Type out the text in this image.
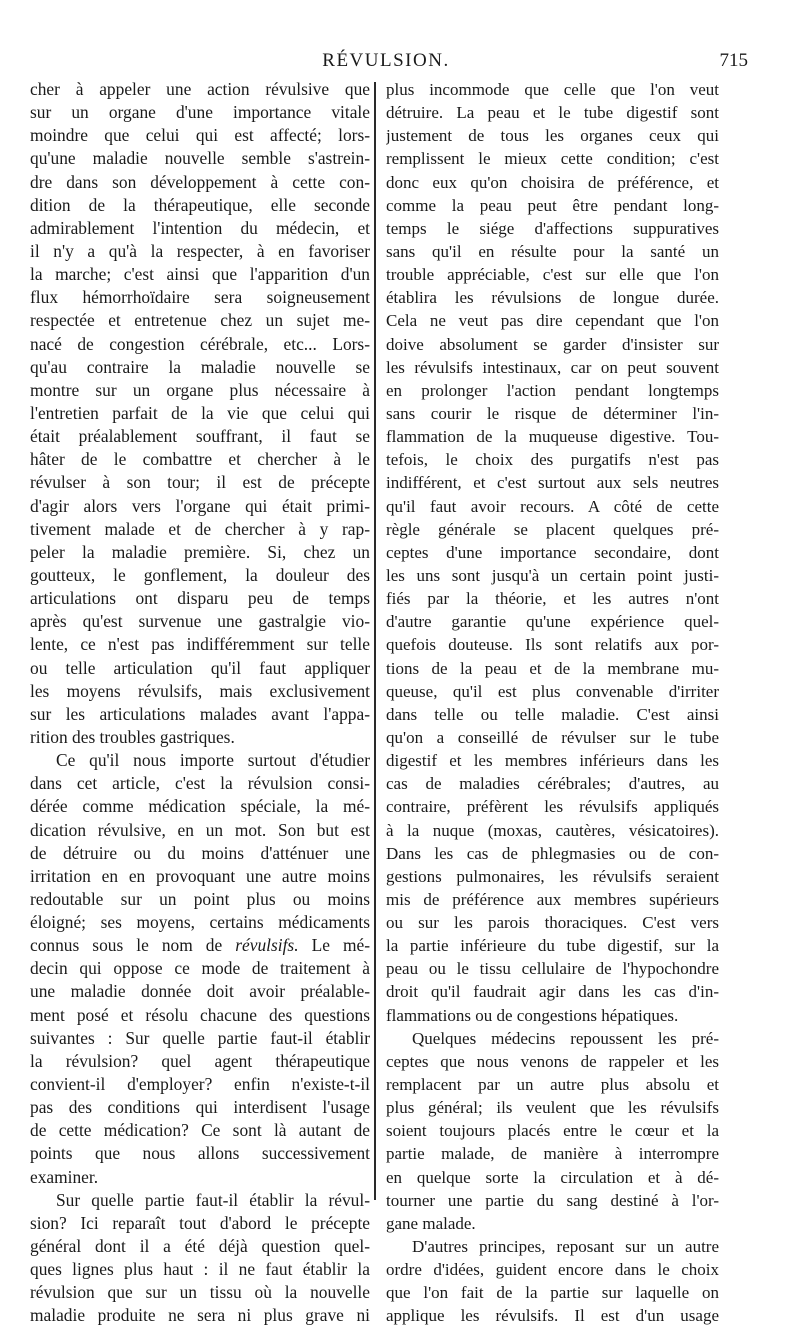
RÉVULSION.	715
cher à appeler une action révulsive que
sur un organe d'une importance vitale
moindre que celui qui est affecté; lors-
qu'une maladie nouvelle semble s'astrein-
dre dans son développement à cette con-
dition de la thérapeutique, elle seconde
admirablement l'intention du médecin, et
il n'y a qu'à la respecter, à en favoriser
la marche; c'est ainsi que l'apparition d'un
flux hémorrhoïdaire sera soigneusement
respectée et entretenue chez un sujet me-
nacé de congestion cérébrale, etc... Lors-
qu'au contraire la maladie nouvelle se
montre sur un organe plus nécessaire à
l'entretien parfait de la vie que celui qui
était préalablement souffrant, il faut se
hâter de le combattre et chercher à le
révulser à son tour; il est de précepte
d'agir alors vers l'organe qui était primi-
tivement malade et de chercher à y rap-
peler la maladie première. Si, chez un
goutteux, le gonflement, la douleur des
articulations ont disparu peu de temps
après qu'est survenue une gastralgie vio-
lente, ce n'est pas indifféremment sur telle
ou telle articulation qu'il faut appliquer
les moyens révulsifs, mais exclusivement
sur les articulations malades avant l'appa-
rition des troubles gastriques.
Ce qu'il nous importe surtout d'étudier
dans cet article, c'est la révulsion consi-
dérée comme médication spéciale, la mé-
dication révulsive, en un mot. Son but est
de détruire ou du moins d'atténuer une
irritation en en provoquant une autre moins
redoutable sur un point plus ou moins
éloigné; ses moyens, certains médicaments
connus sous le nom de révulsifs. Le mé-
decin qui oppose ce mode de traitement à
une maladie donnée doit avoir préalable-
ment posé et résolu chacune des questions
suivantes : Sur quelle partie faut-il établir
la révulsion? quel agent thérapeutique
convient-il d'employer? enfin n'existe-t-il
pas des conditions qui interdisent l'usage
de cette médication? Ce sont là autant de
points que nous allons successivement
examiner.
Sur quelle partie faut-il établir la révul-
sion? Ici reparaît tout d'abord le précepte
général dont il a été déjà question quel-
ques lignes plus haut : il ne faut établir la
révulsion que sur un tissu où la nouvelle
maladie produite ne sera ni plus grave ni
plus incommode que celle que l'on veut
détruire. La peau et le tube digestif sont
justement de tous les organes ceux qui
remplissent le mieux cette condition; c'est
donc eux qu'on choisira de préférence, et
comme la peau peut être pendant long-
temps le siége d'affections suppuratives
sans qu'il en résulte pour la santé un
trouble appréciable, c'est sur elle que l'on
établira les révulsions de longue durée.
Cela ne veut pas dire cependant que l'on
doive absolument se garder d'insister sur
les révulsifs intestinaux, car on peut souvent
en prolonger l'action pendant longtemps
sans courir le risque de déterminer l'in-
flammation de la muqueuse digestive. Tou-
tefois, le choix des purgatifs n'est pas
indifférent, et c'est surtout aux sels neutres
qu'il faut avoir recours. A côté de cette
règle générale se placent quelques pré-
ceptes d'une importance secondaire, dont
les uns sont jusqu'à un certain point justi-
fiés par la théorie, et les autres n'ont
d'autre garantie qu'une expérience quel-
quefois douteuse. Ils sont relatifs aux por-
tions de la peau et de la membrane mu-
queuse, qu'il est plus convenable d'irriter
dans telle ou telle maladie. C'est ainsi
qu'on a conseillé de révulser sur le tube
digestif et les membres inférieurs dans les
cas de maladies cérébrales; d'autres, au
contraire, préfèrent les révulsifs appliqués
à la nuque (moxas, cautères, vésicatoires).
Dans les cas de phlegmasies ou de con-
gestions pulmonaires, les révulsifs seraient
mis de préférence aux membres supérieurs
ou sur les parois thoraciques. C'est vers
la partie inférieure du tube digestif, sur la
peau ou le tissu cellulaire de l'hypochondre
droit qu'il faudrait agir dans les cas d'in-
flammations ou de congestions hépatiques.
Quelques médecins repoussent les pré-
ceptes que nous venons de rappeler et les
remplacent par un autre plus absolu et
plus général; ils veulent que les révulsifs
soient toujours placés entre le cœur et la
partie malade, de manière à interrompre
en quelque sorte la circulation et à dé-
tourner une partie du sang destiné à l'or-
gane malade.
D'autres principes, reposant sur un autre
ordre d'idées, guident encore dans le choix
que l'on fait de la partie sur laquelle on
applique les révulsifs. Il est d'un usage
